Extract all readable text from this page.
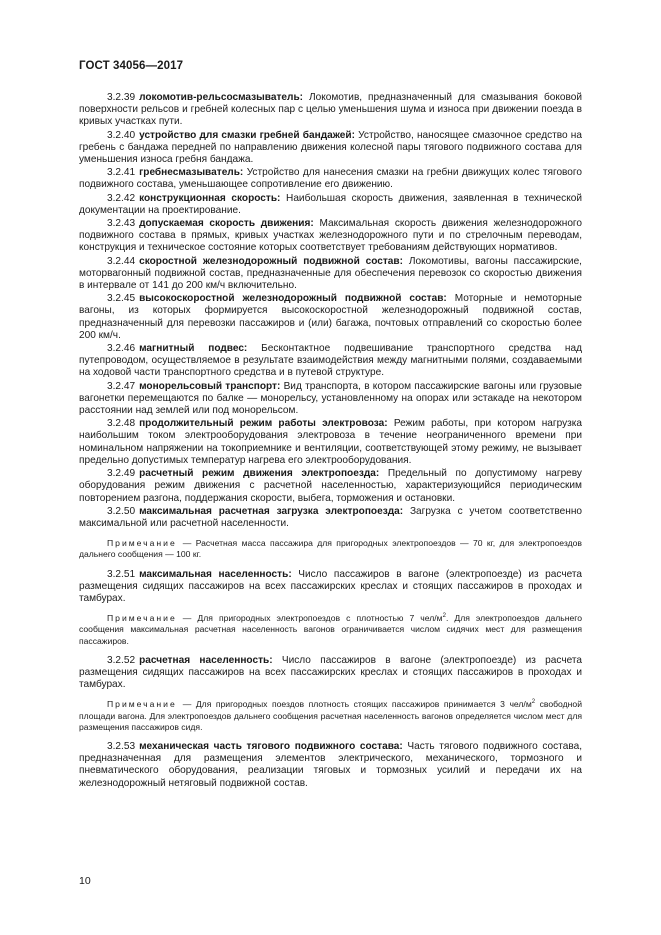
ГОСТ 34056—2017

3.2.39 локомотив-рельсосмазыватель: Локомотив, предназначенный для смазывания боковой поверхности рельсов и гребней колесных пар с целью уменьшения шума и износа при движении поезда в кривых участках пути.

3.2.40 устройство для смазки гребней бандажей: Устройство, наносящее смазочное средство на гребень с бандажа передней по направлению движения колесной пары тягового подвижного состава для уменьшения износа гребня бандажа.

3.2.41 гребнесмазыватель: Устройство для нанесения смазки на гребни движущих колес тягового подвижного состава, уменьшающее сопротивление его движению.

3.2.42 конструкционная скорость: Наибольшая скорость движения, заявленная в технической документации на проектирование.

3.2.43 допускаемая скорость движения: Максимальная скорость движения железнодорожного подвижного состава в прямых, кривых участках железнодорожного пути и по стрелочным переводам, конструкция и техническое состояние которых соответствует требованиям действующих нормативов.

3.2.44 скоростной железнодорожный подвижной состав: Локомотивы, вагоны пассажирские, моторвагонный подвижной состав, предназначенные для обеспечения перевозок со скоростью движения в интервале от 141 до 200 км/ч включительно.

3.2.45 высокоскоростной железнодорожный подвижной состав: Моторные и немоторные вагоны, из которых формируется высокоскоростной железнодорожный подвижной состав, предназначенный для перевозки пассажиров и (или) багажа, почтовых отправлений со скоростью более 200 км/ч.

3.2.46 магнитный подвес: Бесконтактное подвешивание транспортного средства над путепроводом, осуществляемое в результате взаимодействия между магнитными полями, создаваемыми на ходовой части транспортного средства и в путевой структуре.

3.2.47 монорельсовый транспорт: Вид транспорта, в котором пассажирские вагоны или грузовые вагонетки перемещаются по балке — монорельсу, установленному на опорах или эстакаде на некотором расстоянии над землей или под монорельсом.

3.2.48 продолжительный режим работы электровоза: Режим работы, при котором нагрузка наибольшим током электрооборудования электровоза в течение неограниченного времени при номинальном напряжении на токоприемнике и вентиляции, соответствующей этому режиму, не вызывает предельно допустимых температур нагрева его электрооборудования.

3.2.49 расчетный режим движения электропоезда: Предельный по допустимому нагреву оборудования режим движения с расчетной населенностью, характеризующийся периодическим повторением разгона, поддержания скорости, выбега, торможения и остановки.

3.2.50 максимальная расчетная загрузка электропоезда: Загрузка с учетом соответственно максимальной или расчетной населенности.

Примечание — Расчетная масса пассажира для пригородных электропоездов — 70 кг, для электропоездов дальнего сообщения — 100 кг.

3.2.51 максимальная населенность: Число пассажиров в вагоне (электропоезде) из расчета размещения сидящих пассажиров на всех пассажирских креслах и стоящих пассажиров в проходах и тамбурах.

Примечание — Для пригородных электропоездов с плотностью 7 чел/$м^2$. Для электропоездов дальнего сообщения максимальная расчетная населенность вагонов ограничивается числом сидячих мест для размещения пассажиров.

3.2.52 расчетная населенность: Число пассажиров в вагоне (электропоезде) из расчета размещения сидящих пассажиров на всех пассажирских креслах и стоящих пассажиров в проходах и тамбурах.

Примечание — Для пригородных поездов плотность стоящих пассажиров принимается 3 чел/$м^2$ свободной площади вагона. Для электропоездов дальнего сообщения расчетная населенность вагонов определяется числом мест для размещения пассажиров сидя.

3.2.53 механическая часть тягового подвижного состава: Часть тягового подвижного состава, предназначенная для размещения элементов электрического, механического, тормозного и пневматического оборудования, реализации тяговых и тормозных усилий и передачи их на железнодорожный нетяговый подвижной состав.

10
